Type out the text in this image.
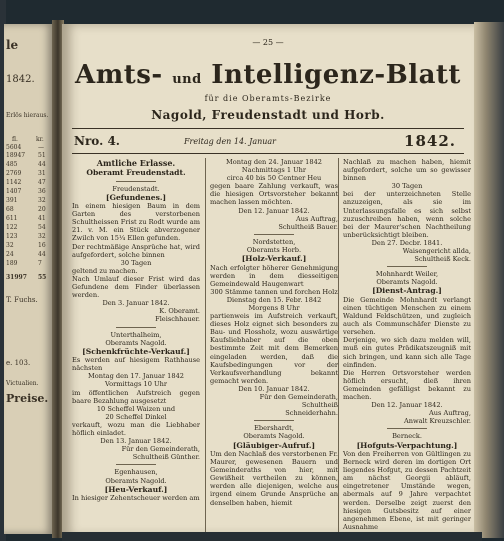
le
1842.
Erlös hieraus.
fl.	kr.
5604	—
18947 51
485	44
2769	31
1142	47
1407	36
391	32
68	20
611	41
122	54
123	32
32	16
24	44
189	7
31997 55
T. Fuchs.
e. 103.
Victualien.
Preise.
— 25 —
Amts- und Intelligenz-Blatt
für die Oberamts-Bezirke
Nagold, Freudenstadt und Horb.
Nro. 4.	Freitag den 14. Januar	1842.
Amtliche Erlasse.
Oberamt Freudenstadt.
Freudenstadt.
[Gefundenes.]

In einem hiesigen Baum in dem Garten des verstorbenen Schultheissen Frist zu Rodt wurde am 21. v. M. ein Stück abverzogener Zwilch von 15¼ Ellen gefunden.

Der rechtmäßige Ansprüche hat, wird aufgefordert, solche binnen

30 Tagen

geltend zu machen.

Nach Umlauf dieser Frist wird das Gefundene dem Finder überlassen werden.

Den 3. Januar 1842.
K. Oberamt.
Fleischhauer.
Unterthalheim,
Oberamts Nagold.
[Schenkfrüchte-Verkauf.]

Es werden auf hiesigem Rathhause nächsten

Montag den 17. Januar 1842
Vormittags 10 Uhr

im öffentlichen Aufstreich gegen baare Bezahlung ausgesetzt

10 Scheffel Waizen und
20 Scheffel Dinkel

verkauft, wozu man die Liebhaber höflich einladet.

Den 13. Januar 1842.
Für den Gemeinderath,
Schultheiß Günther.
Egenhausen,
Oberamts Nagold.
[Heu-Verkauf.]

In hiesiger Zehentscheuer werden am

Montag den 24. Januar 1842
Nachmittags 1 Uhr
circa 40 bis 50 Centner Heu

gegen baare Zahlung verkauft, was die hiesigen Ortsvorsteher bekannt machen lassen möchten.

Den 12. Januar 1842.
Aus Auftrag,
Schultheiß Bauer.
Nordstetten,
Oberamts Horb.
[Holz-Verkauf.]

Nach erfolgter höherer Genehmigung werden in dem diesseitigen Gemeindewald Haugenwart

300 Stämme tannen und forchen Holz
Dienstag den 15. Febr. 1842
Morgens 8 Uhr

partienweis im Aufstreich verkauft, dieses Holz eignet sich besonders zu Bau- und Flossholz, wozu auswärtige Kaufsliebhaber auf die oben bestimmte Zeit mit dem Bemerken eingeladen werden, daß die Kaufsbedingungen vor der Verkaufsverhandlung bekannt gemacht werden.

Den 10. Januar 1842.
Für den Gemeinderath,
Schultheiß
Schneiderhahn.
Ebershardt,
Oberamts Nagold.
[Gläubiger-Aufruf.]

Um den Nachlaß des verstorbenen Fr. Maurer, gewesenen Bauern und Gemeinderaths von hier, mit Gewißheit vertheilen zu können, werden alle diejenigen, welche aus irgend einem Grunde Ansprüche an denselben haben, hiemit

Nachlaß zu machen haben, hiemit aufgefordert, solche um so gewisser binnen

30 Tagen

bei der unterzeichneten Stelle anzuzeigen, als sie im Unterlassungsfalle es sich selbst zuzuschreiben haben, wenn solche bei der Maurer'schen Nachtheilung unberücksichtigt bleiben.

Den 27. Decbr. 1841.
Waisengericht allda,
Schultheiß Keck.
Mohnhardt Weiler,
Oberamts Nagold.
[Dienst-Antrag.]

Die Gemeinde Mohnhardt verlangt einen tüchtigen Menschen zu einem Waldund Feldschützen, und zugleich auch als Communschäfer Dienste zu versehen.

Derjenige, wo sich dazu melden will, muß ein gutes Prädikatszeugniß mit sich bringen, und kann sich alle Tage einfinden.

Die Herren Ortsvorsteher werden höflich ersucht, dieß ihren Gemeinden gefälligst bekannt zu machen.

Den 12. Januar 1842.
Aus Auftrag,
Anwalt Kreuzschler.
Berneck.
[Hofguts-Verpachtung.]

Von den Freiherren von Gültlingen zu Berneck wird deren im dortigen Ort liegendes Hofgut, zu dessen Pachtzeit am nächst Georgii abläuft, eingetretener Umstände wegen, abermals auf 9 Jahre verpachtet werden. Derselbe zeigt zuerst den hiesigen Gutsbesitz auf einer angenehmen Ebene, ist mit geringer Ausnahme
